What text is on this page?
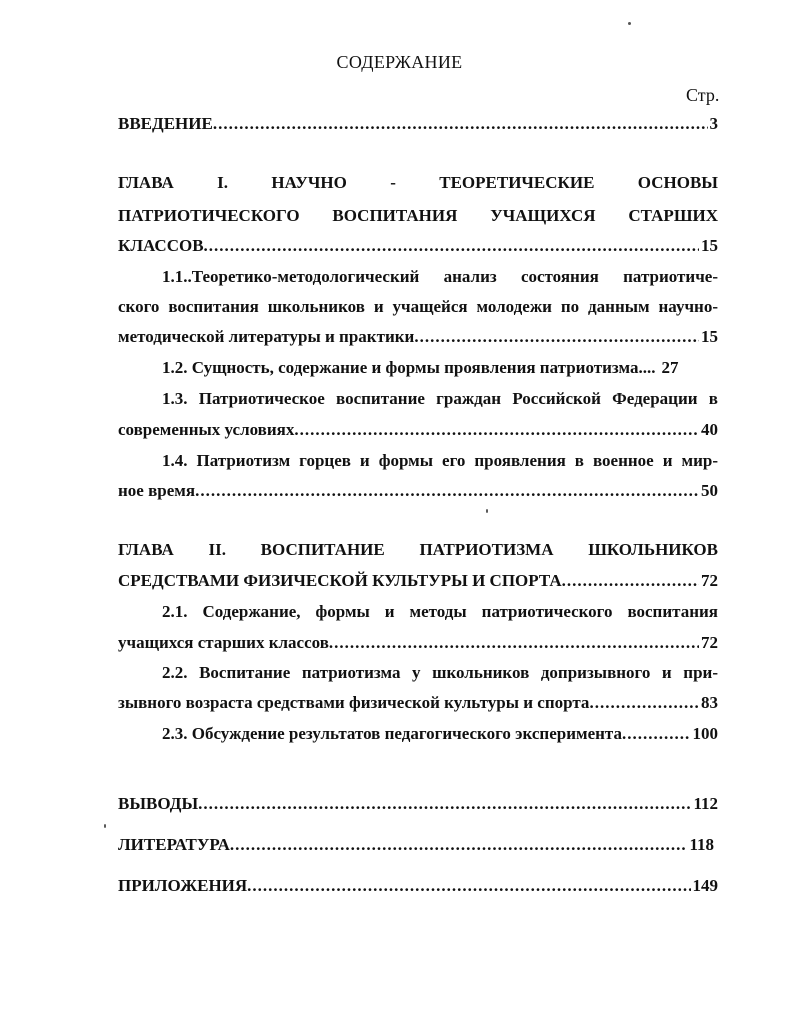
СОДЕРЖАНИЕ
Стр.
ВВЕДЕНИЕ .....	3
ГЛАВА I. НАУЧНО - ТЕОРЕТИЧЕСКИЕ ОСНОВЫ
ПАТРИОТИЧЕСКОГО ВОСПИТАНИЯ УЧАЩИХСЯ СТАРШИХ
КЛАССОВ .....	15
1.1..Теоретико-методологический анализ состояния патриотиче-
ского воспитания школьников и учащейся молодежи по данным научно-
методической литературы и практики .....	15
1.2. Сущность, содержание и формы проявления патриотизма.... 27
1.3. Патриотическое воспитание граждан Российской Федерации в
современных условиях .....	40
1.4. Патриотизм горцев и формы его проявления в военное и мир-
ное время .....	50
ГЛАВА II. ВОСПИТАНИЕ ПАТРИОТИЗМА ШКОЛЬНИКОВ
СРЕДСТВАМИ ФИЗИЧЕСКОЙ КУЛЬТУРЫ И СПОРТА .....	72
2.1. Содержание, формы и методы патриотического воспитания
учащихся старших классов .....	72
2.2. Воспитание патриотизма у школьников допризывного и при-
зывного возраста средствами физической культуры и спорта .....	83
2.3. Обсуждение результатов педагогического эксперимента .....	100
ВЫВОДЫ .....	112
ЛИТЕРАТУРА .....	118
ПРИЛОЖЕНИЯ .....	149
